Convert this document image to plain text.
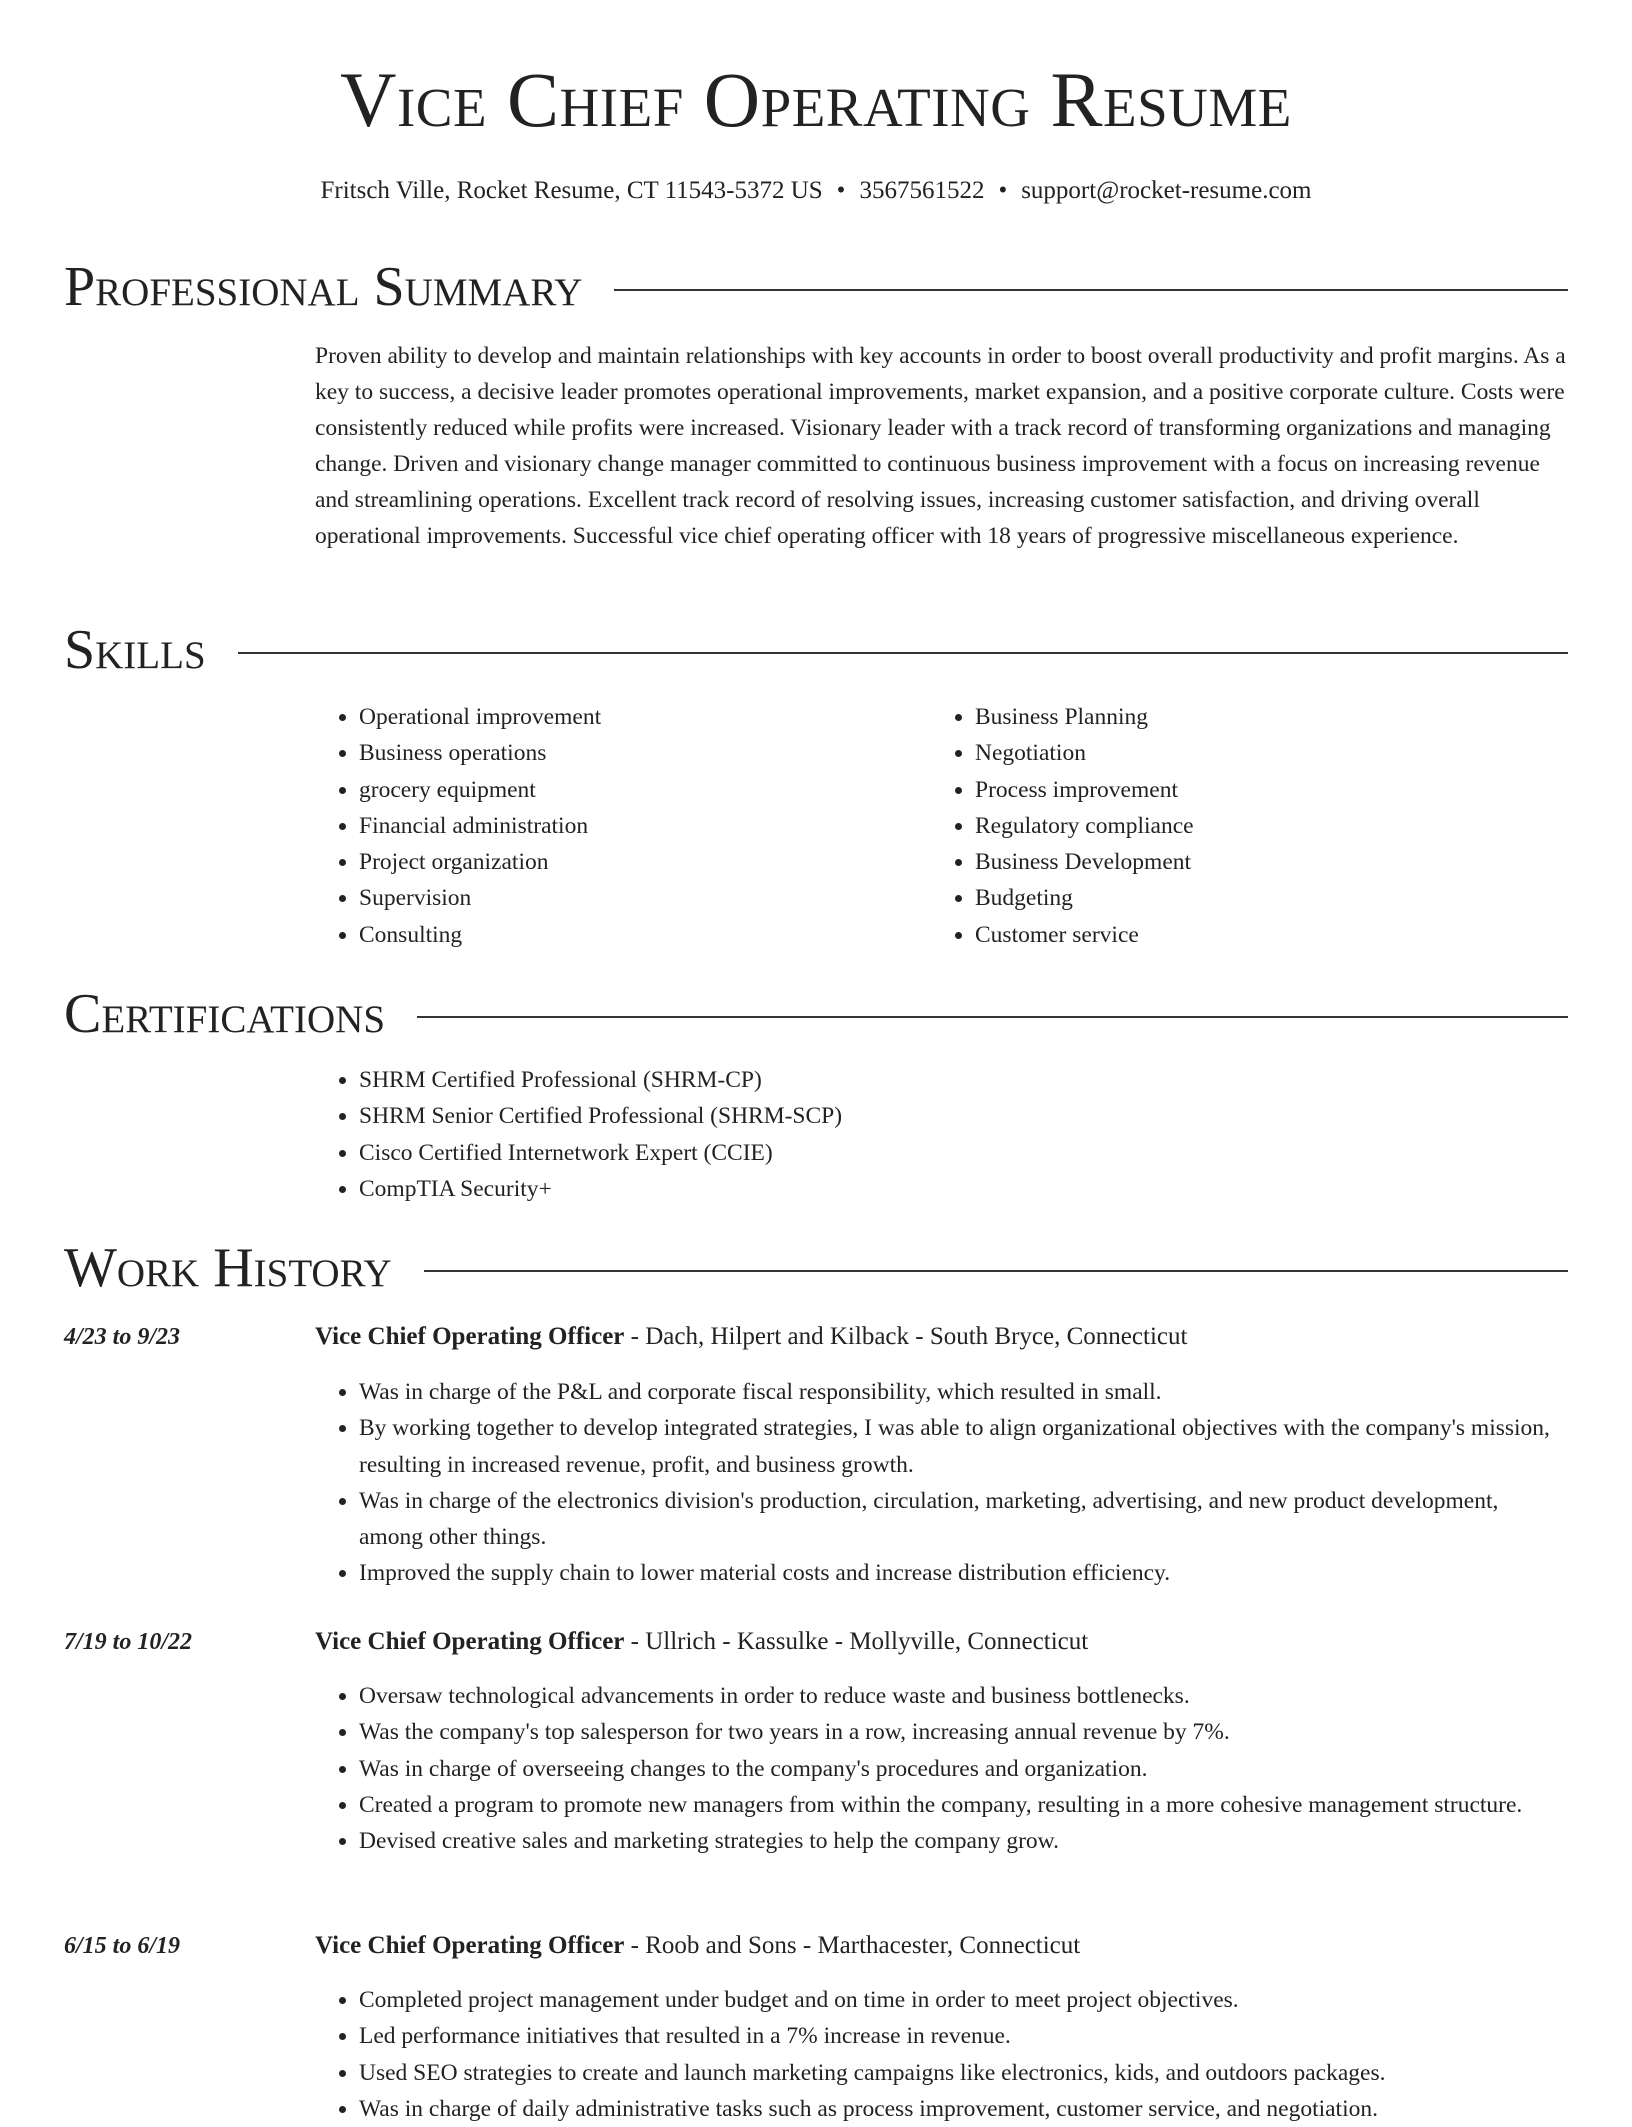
Vice Chief Operating Resume
Fritsch Ville, Rocket Resume, CT 11543-5372 US • 3567561522 • support@rocket-resume.com
Professional Summary

Proven ability to develop and maintain relationships with key accounts in order to boost overall productivity and profit margins. As a key to success, a decisive leader promotes operational improvements, market expansion, and a positive corporate culture. Costs were consistently reduced while profits were increased. Visionary leader with a track record of transforming organizations and managing change. Driven and visionary change manager committed to continuous business improvement with a focus on increasing revenue and streamlining operations. Excellent track record of resolving issues, increasing customer satisfaction, and driving overall operational improvements. Successful vice chief operating officer with 18 years of progressive miscellaneous experience.

Skills
• Operational improvement
• Business operations
• grocery equipment
• Financial administration
• Project organization
• Supervision
• Consulting
• Business Planning
• Negotiation
• Process improvement
• Regulatory compliance
• Business Development
• Budgeting
• Customer service
Certifications
• SHRM Certified Professional (SHRM-CP)
• SHRM Senior Certified Professional (SHRM-SCP)
• Cisco Certified Internetwork Expert (CCIE)
• CompTIA Security+
Work History
4/23 to 9/23	Vice Chief Operating Officer - Dach, Hilpert and Kilback - South Bryce, Connecticut
• Was in charge of the P&L and corporate fiscal responsibility, which resulted in small.
• By working together to develop integrated strategies, I was able to align organizational objectives with the company's mission, resulting in increased revenue, profit, and business growth.
• Was in charge of the electronics division's production, circulation, marketing, advertising, and new product development, among other things.
• Improved the supply chain to lower material costs and increase distribution efficiency.
7/19 to 10/22	Vice Chief Operating Officer - Ullrich - Kassulke - Mollyville, Connecticut
• Oversaw technological advancements in order to reduce waste and business bottlenecks.
• Was the company's top salesperson for two years in a row, increasing annual revenue by 7%.
• Was in charge of overseeing changes to the company's procedures and organization.
• Created a program to promote new managers from within the company, resulting in a more cohesive management structure.
• Devised creative sales and marketing strategies to help the company grow.
6/15 to 6/19	Vice Chief Operating Officer - Roob and Sons - Marthacester, Connecticut
• Completed project management under budget and on time in order to meet project objectives.
• Led performance initiatives that resulted in a 7% increase in revenue.
• Used SEO strategies to create and launch marketing campaigns like electronics, kids, and outdoors packages.
• Was in charge of daily administrative tasks such as process improvement, customer service, and negotiation.
